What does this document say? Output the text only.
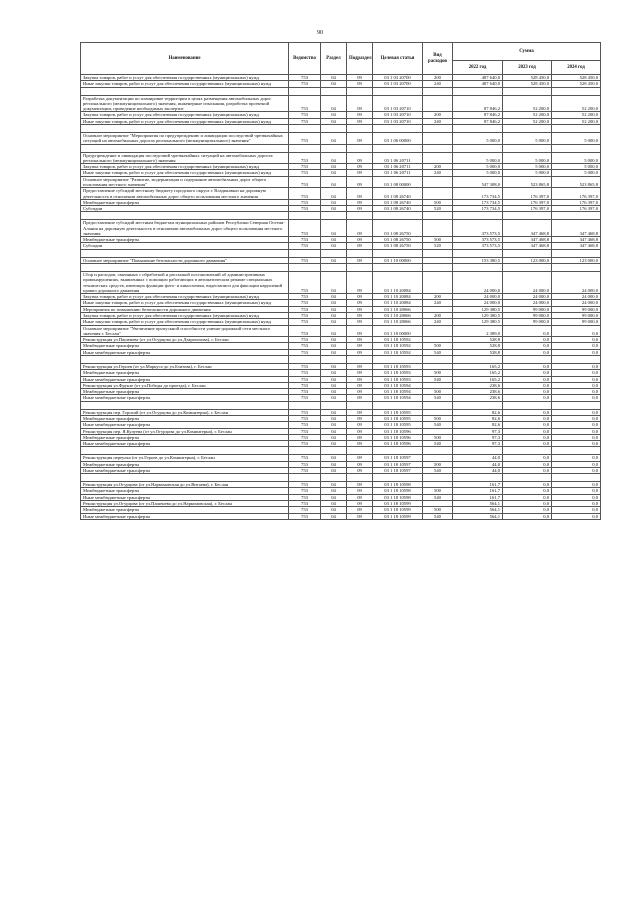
90
Наименование	Ведомство	Раздел	Подраздел	Целевая статья	Вид расходов	Сумма		
						2022 год	2023 год	2024 год
Закупка товаров, работ и услуг для обеспечения государственных (муниципальных) нужд	753	04	09	03 1 03 20700	200	487 640,0	528 450,0	528 450,0
Иные закупки товаров, работ и услуг для обеспечения государственных (муниципальных) нужд	753	04	09	03 1 03 20700	240	487 640,0	528 450,0	528 450,0

Разработка документации по планировке территории в целях размещения автомобильных дорог регионального (межмуниципального) значения, инженерные изыскания, разработка проектной документации, проведение необходимых экспертиз	753	04	09	03 1 03 20710		87 846,2	52 200,0	52 200,0
Закупка товаров, работ и услуг для обеспечения государственных (муниципальных) нужд	753	04	09	03 1 03 20710	200	87 846,2	52 200,0	52 200,0
Иные закупки товаров, работ и услуг для обеспечения государственных (муниципальных) нужд	753	04	09	03 1 03 20710	240	87 846,2	52 200,0	52 200,0

Основное мероприятие "Мероприятия по предупреждению и ликвидации последствий чрезвычайных ситуаций на автомобильных дорогах регионального (межмуниципального) значения"	753	04	09	03 1 06 00000		5 000,0	5 000,0	5 000,0

Предупреждение и ликвидация последствий чрезвычайных ситуаций на автомобильных дорогах регионального (межмуниципального) значения	753	04	09	03 1 06 20711		5 000,0	5 000,0	5 000,0
Закупка товаров, работ и услуг для обеспечения государственных (муниципальных) нужд	753	04	09	03 1 06 20711	200	5 000,0	5 000,0	5 000,0
Иные закупки товаров, работ и услуг для обеспечения государственных (муниципальных) нужд	753	04	09	03 1 06 20711	240	5 000,0	5 000,0	5 000,0
Основное мероприятие "Развитие, модернизация и содержание автомобильных дорог общего пользования местного значения"	753	04	09	03 1 08 00000		547 308,0	523 865,8	523 865,8
Предоставление субсидий местному бюджету городского округа г. Владикавказ на дорожную деятельность в отношении автомобильных дорог общего пользования местного значения	753	04	09	03 1 08 26740		173 734,5	176 397,0	176 397,0
Межбюджетные трансферты	753	04	09	03 1 08 26740	500	173 734,5	176 397,0	176 397,0
Субсидии	753	04	09	03 1 08 26740	520	173 734,5	176 397,0	176 397,0

Предоставление субсидий местным бюджетам муниципальных районов Республики Северная Осетия-Алания на дорожную деятельность в отношении автомобильных дорог общего пользования местного значения	753	04	09	03 1 08 26750		373 573,5	347 468,8	347 468,8
Межбюджетные трансферты	753	04	09	03 1 08 26750	500	373 573,5	347 468,8	347 468,8
Субсидии	753	04	09	03 1 08 26750	520	373 573,5	347 468,8	347 468,8

Основное мероприятие "Повышение безопасности дорожного движения"	753	04	09	03 1 10 00000		153 380,5	123 000,0	123 000,0

Сбор и расходов, связанных с обработкой и рассылкой постановлений об административных правонарушениях, выявленных с помощью работающих в автоматическом режиме специальных технических средств, имеющих функции фото- и киносъемки, видеозаписи для фиксации нарушений правил дорожного движения	753	04	09	03 1 10 20084		24 000,0	24 000,0	24 000,0
Закупка товаров, работ и услуг для обеспечения государственных (муниципальных) нужд	753	04	09	03 1 10 20084	200	24 000,0	24 000,0	24 000,0
Иные закупки товаров, работ и услуг для обеспечения государственных (муниципальных) нужд	753	04	09	03 1 10 20084	240	24 000,0	24 000,0	24 000,0
Мероприятия по повышению безопасности дорожного движения	753	04	09	03 1 10 28066		129 380,5	99 000,0	99 000,0
Закупка товаров, работ и услуг для обеспечения государственных (муниципальных) нужд	753	04	09	03 1 10 28066	200	129 380,5	99 000,0	99 000,0
Иные закупки товаров, работ и услуг для обеспечения государственных (муниципальных) нужд	753	04	09	03 1 10 28066	240	129 380,5	99 000,0	99 000,0
Основное мероприятие "Увеличение пропускной способности улично-дорожной сети местного значения г. Беслан"	753	04	09	03 1 18 00000		2 389,0	0,0	0,0
Реконструкция ул.Пашенева (от ул.Огурцова до ул.Дзарахохова), г. Беслан	753	04	09	03 1 18 10592		528,8	0,0	0,0
Межбюджетные трансферты	753	04	09	03 1 18 10592	500	528,8	0,0	0,0
Иные межбюджетные трансферты	753	04	09	03 1 18 10592	540	528,8	0,0	0,0

Реконструкция ул.Героев (от ул.Маркуса до ул.Бзитова), г. Беслан	753	04	09	03 1 18 10593		165,2	0,0	0,0
Межбюджетные трансферты	753	04	09	03 1 18 10593	500	165,2	0,0	0,0
Иные межбюджетные трансферты	753	04	09	03 1 18 10593	540	165,2	0,0	0,0
Реконструкция ул.Фрунзе (от ул.Победы до проезда), г. Беслан	753	04	09	03 1 18 10594		238,6	0,0	0,0
Межбюджетные трансферты	753	04	09	03 1 18 10594	500	238,6	0,0	0,0
Иные межбюджетные трансферты	753	04	09	03 1 18 10594	540	238,6	0,0	0,0

Реконструкция пер. Горский (от ул.Огурцова до ул.Коминтерна), г. Беслан	753	04	09	03 1 18 10595		82,6	0,0	0,0
Межбюджетные трансферты	753	04	09	03 1 18 10595	500	82,6	0,0	0,0
Иные межбюджетные трансферты	753	04	09	03 1 18 10595	540	82,6	0,0	0,0
Реконструкция пер. Я.Кулуева (от ул.Огурцова до ул.Коминтерна), г. Беслан	753	04	09	03 1 18 10596		97,3	0,0	0,0
Межбюджетные трансферты	753	04	09	03 1 18 10596	500	97,3	0,0	0,0
Иные межбюджетные трансферты	753	04	09	03 1 18 10596	540	97,3	0,0	0,0

Реконструкция переулка (от ул.Героев до ул.Коминтерна), г. Беслан	753	04	09	03 1 18 10597		44,0	0,0	0,0
Межбюджетные трансферты	753	04	09	03 1 18 10597	500	44,0	0,0	0,0
Иные межбюджетные трансферты	753	04	09	03 1 18 10597	540	44,0	0,0	0,0

Реконструкция ул.Огурцова (от ул.Наркомовская до ул.Витаева), г. Беслан	753	04	09	03 1 18 10598		161,7	0,0	0,0
Межбюджетные трансферты	753	04	09	03 1 18 10598	500	161,7	0,0	0,0
Иные межбюджетные трансферты	753	04	09	03 1 18 10598	540	161,7	0,0	0,0
Реконструкция ул.Огурцова (от ул.Пашенева до ул.Наркомовская), г. Беслан	753	04	09	03 1 18 10599		564,1	0,0	0,0
Межбюджетные трансферты	753	04	09	03 1 18 10599	500	564,1	0,0	0,0
Иные межбюджетные трансферты	753	04	09	03 1 18 10599	540	564,1	0,0	0,0
